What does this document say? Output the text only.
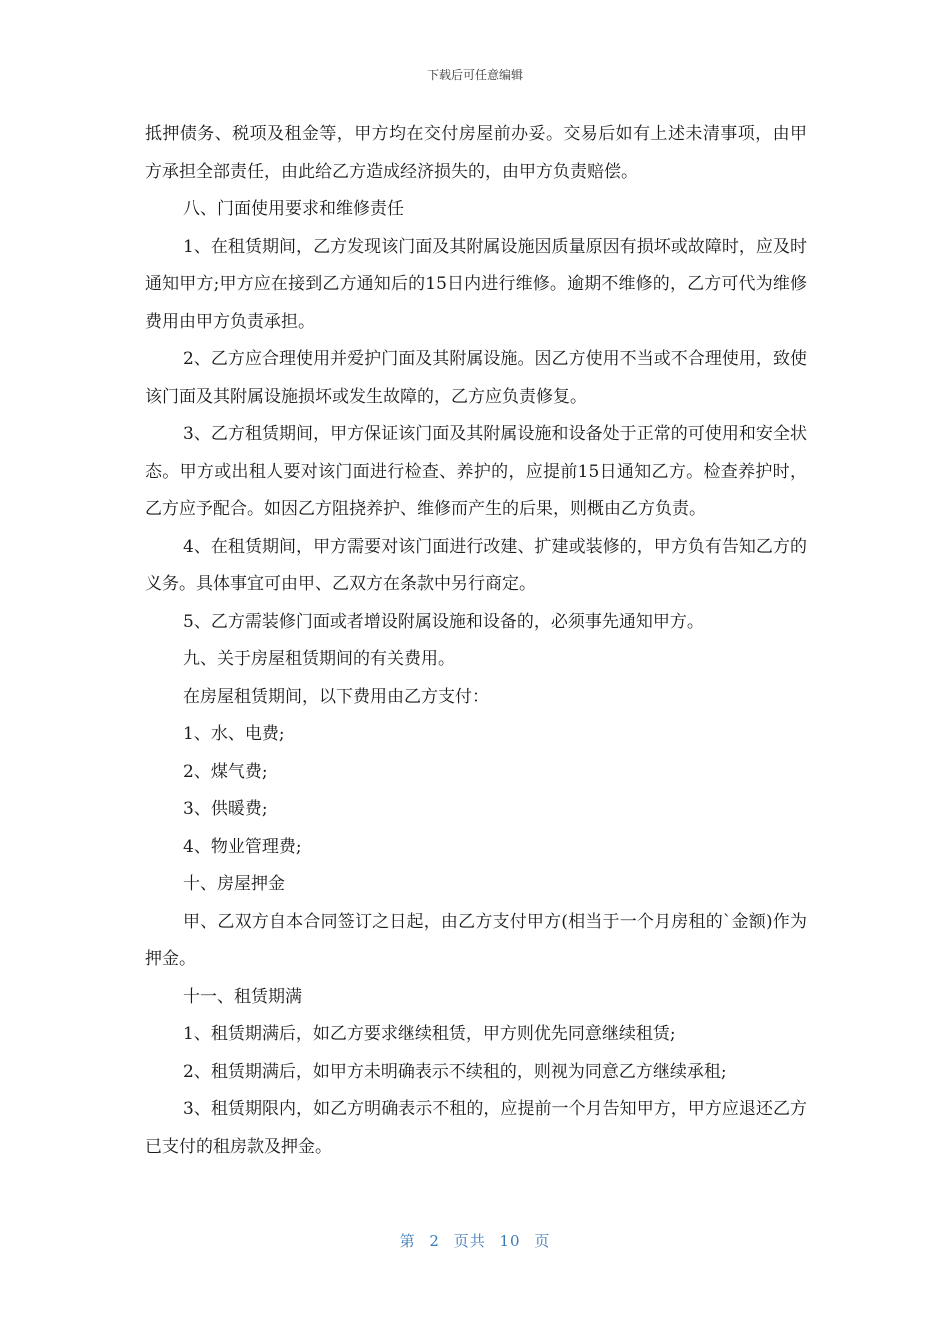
下载后可任意编辑

抵押债务、税项及租金等，甲方均在交付房屋前办妥。交易后如有上述未清事项，由甲方承担全部责任，由此给乙方造成经济损失的，由甲方负责赔偿。

八、门面使用要求和维修责任

1、在租赁期间，乙方发现该门面及其附属设施因质量原因有损坏或故障时，应及时通知甲方;甲方应在接到乙方通知后的15日内进行维修。逾期不维修的，乙方可代为维修费用由甲方负责承担。

2、乙方应合理使用并爱护门面及其附属设施。因乙方使用不当或不合理使用，致使该门面及其附属设施损坏或发生故障的，乙方应负责修复。

3、乙方租赁期间，甲方保证该门面及其附属设施和设备处于正常的可使用和安全状态。甲方或出租人要对该门面进行检查、养护的，应提前15日通知乙方。检查养护时，乙方应予配合。如因乙方阻挠养护、维修而产生的后果，则概由乙方负责。

4、在租赁期间，甲方需要对该门面进行改建、扩建或装修的，甲方负有告知乙方的义务。具体事宜可由甲、乙双方在条款中另行商定。

5、乙方需装修门面或者增设附属设施和设备的，必须事先通知甲方。

九、关于房屋租赁期间的有关费用。

在房屋租赁期间，以下费用由乙方支付：

1、水、电费;

2、煤气费;

3、供暖费;

4、物业管理费;

十、房屋押金

甲、乙双方自本合同签订之日起，由乙方支付甲方(相当于一个月房租的`金额)作为押金。

十一、租赁期满

1、租赁期满后，如乙方要求继续租赁，甲方则优先同意继续租赁;

2、租赁期满后，如甲方未明确表示不续租的，则视为同意乙方继续承租;

3、租赁期限内，如乙方明确表示不租的，应提前一个月告知甲方，甲方应退还乙方已支付的租房款及押金。

第 2 页共 10 页
